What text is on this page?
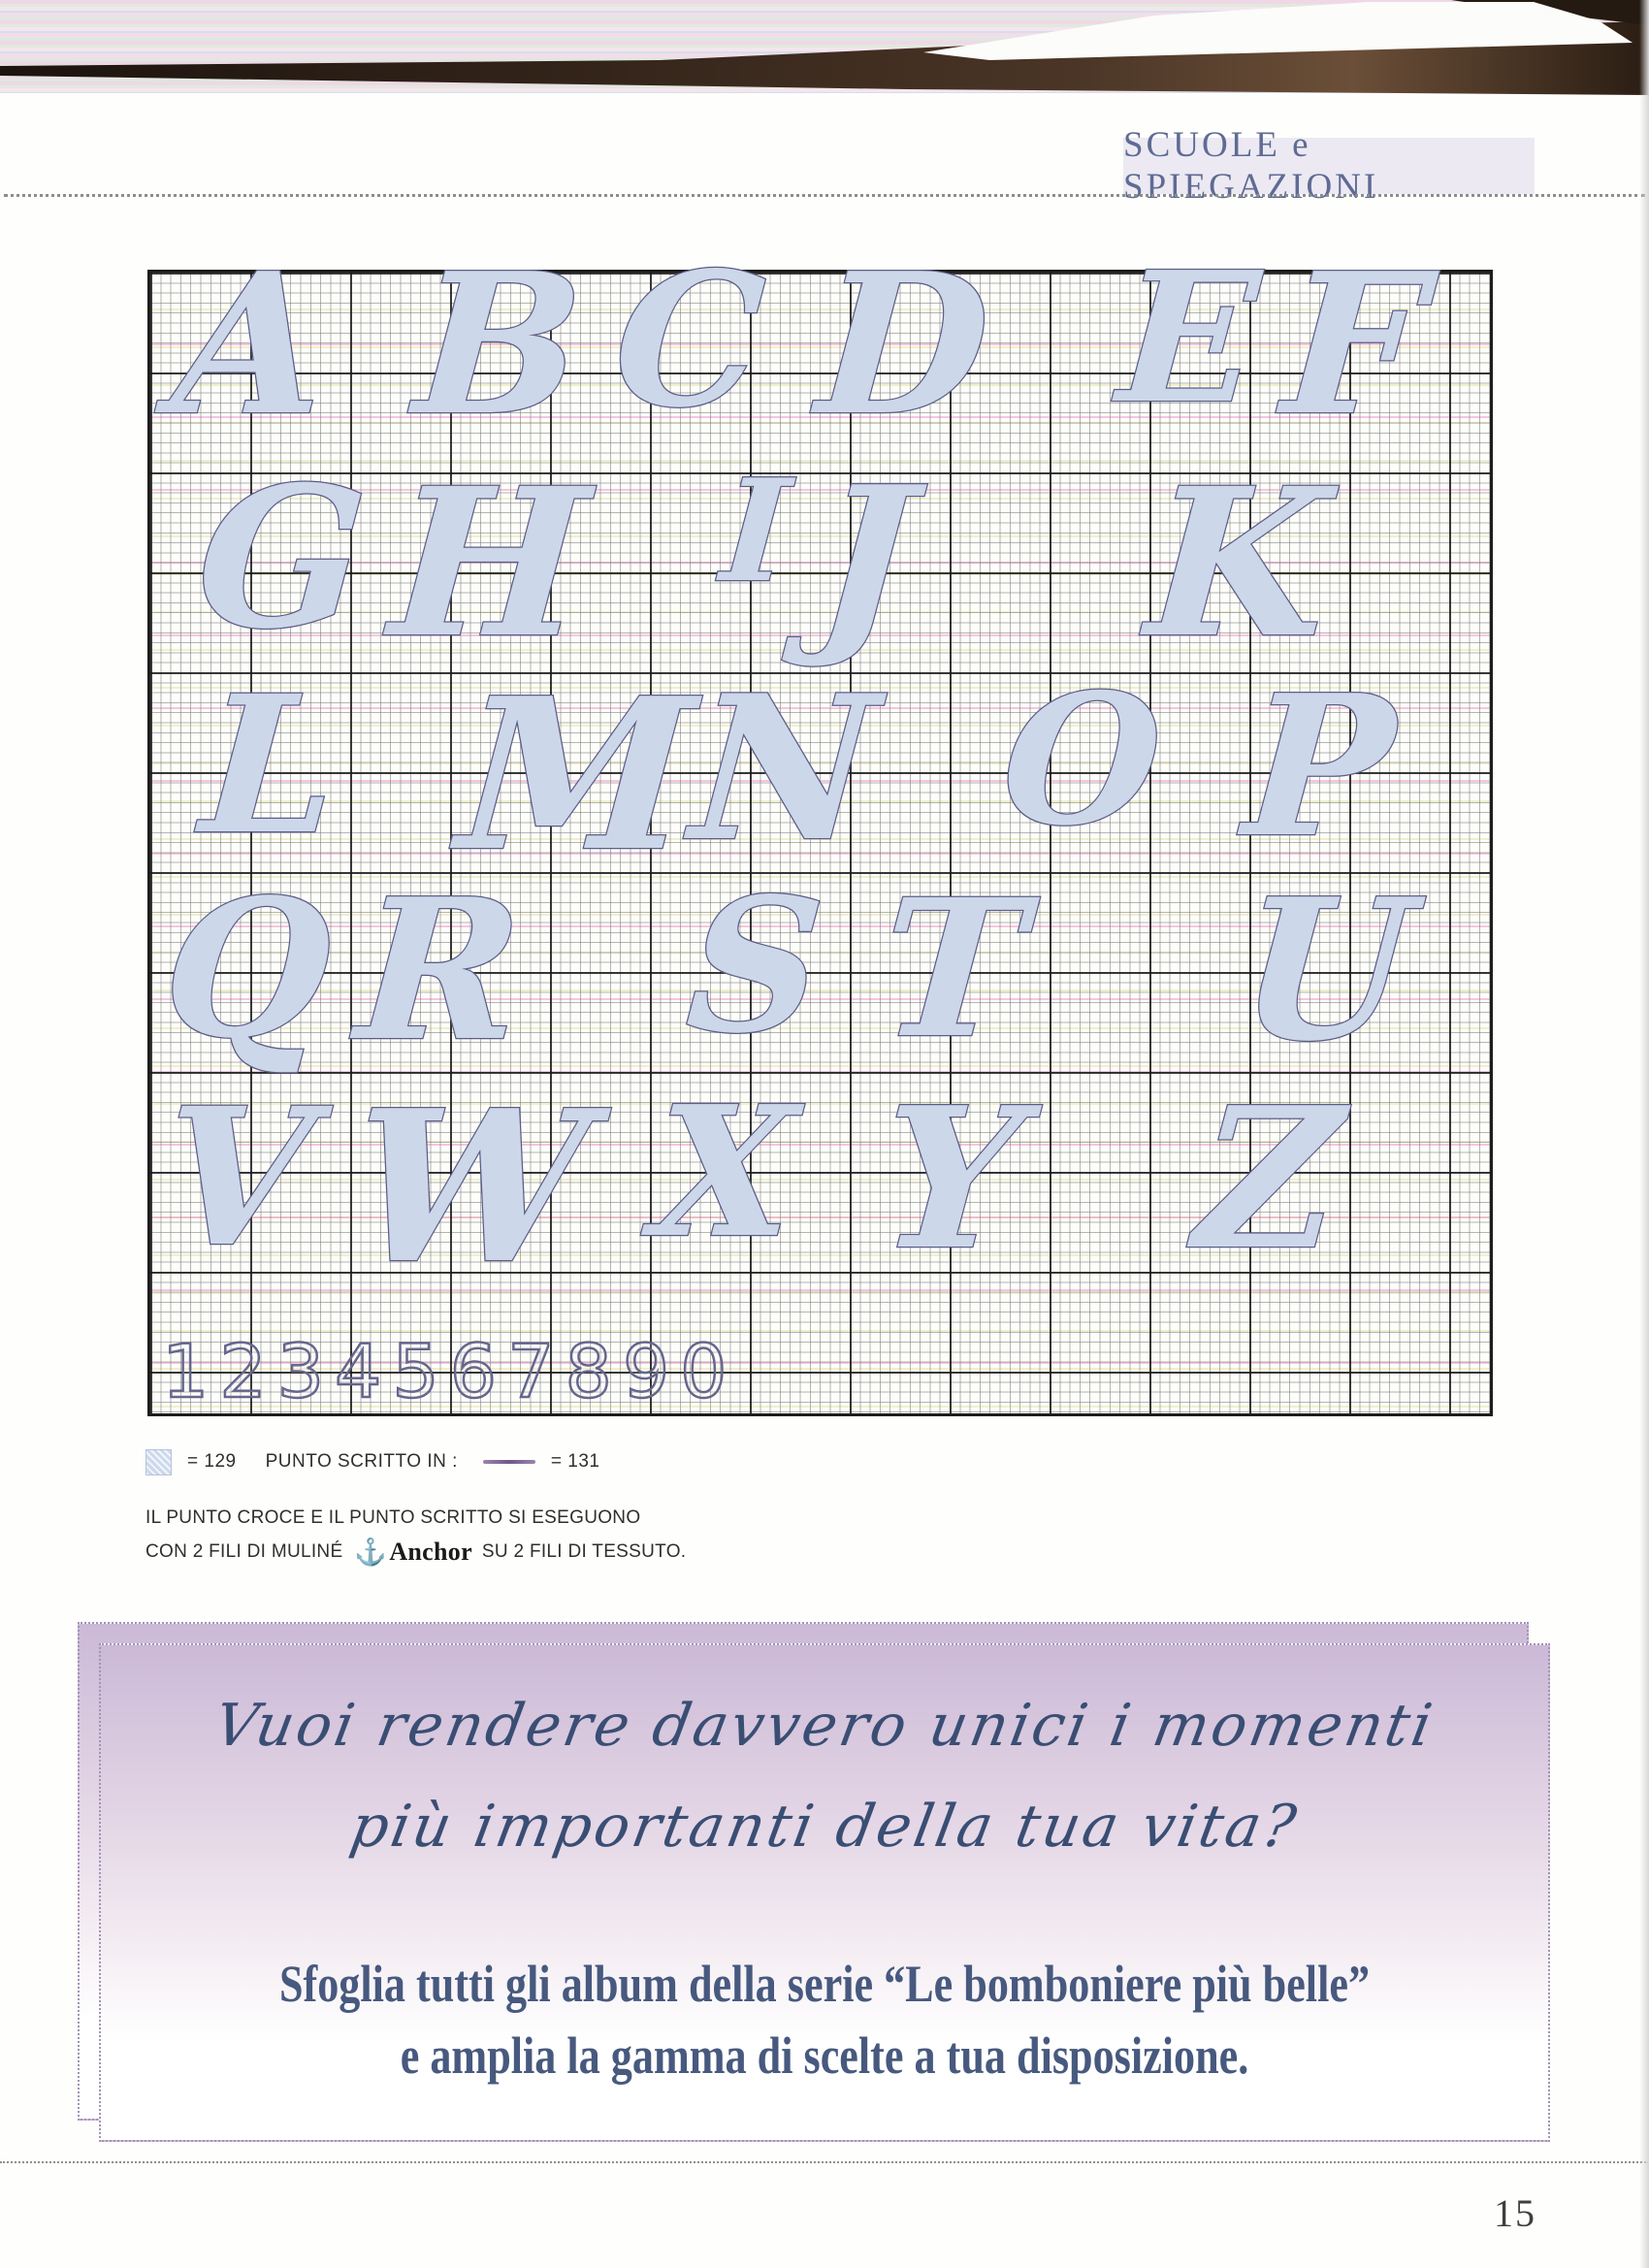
SCUOLE e SPIEGAZIONI
1234567890
A B C D E F
G H I J K
L M
N O P
Q R S T U
V W X Y Z
= 129 PUNTO SCRITTO IN :	= 131
IL PUNTO CROCE E IL PUNTO SCRITTO SI ESEGUONO
CON 2 FILI DI MULINÉ ⚓ Anchor SU 2 FILI DI TESSUTO.
Vuoi rendere davvero unici i momenti
più importanti della tua vita?
Sfoglia tutti gli album della serie “Le bomboniere più belle”
e amplia la gamma di scelte a tua disposizione.
15
